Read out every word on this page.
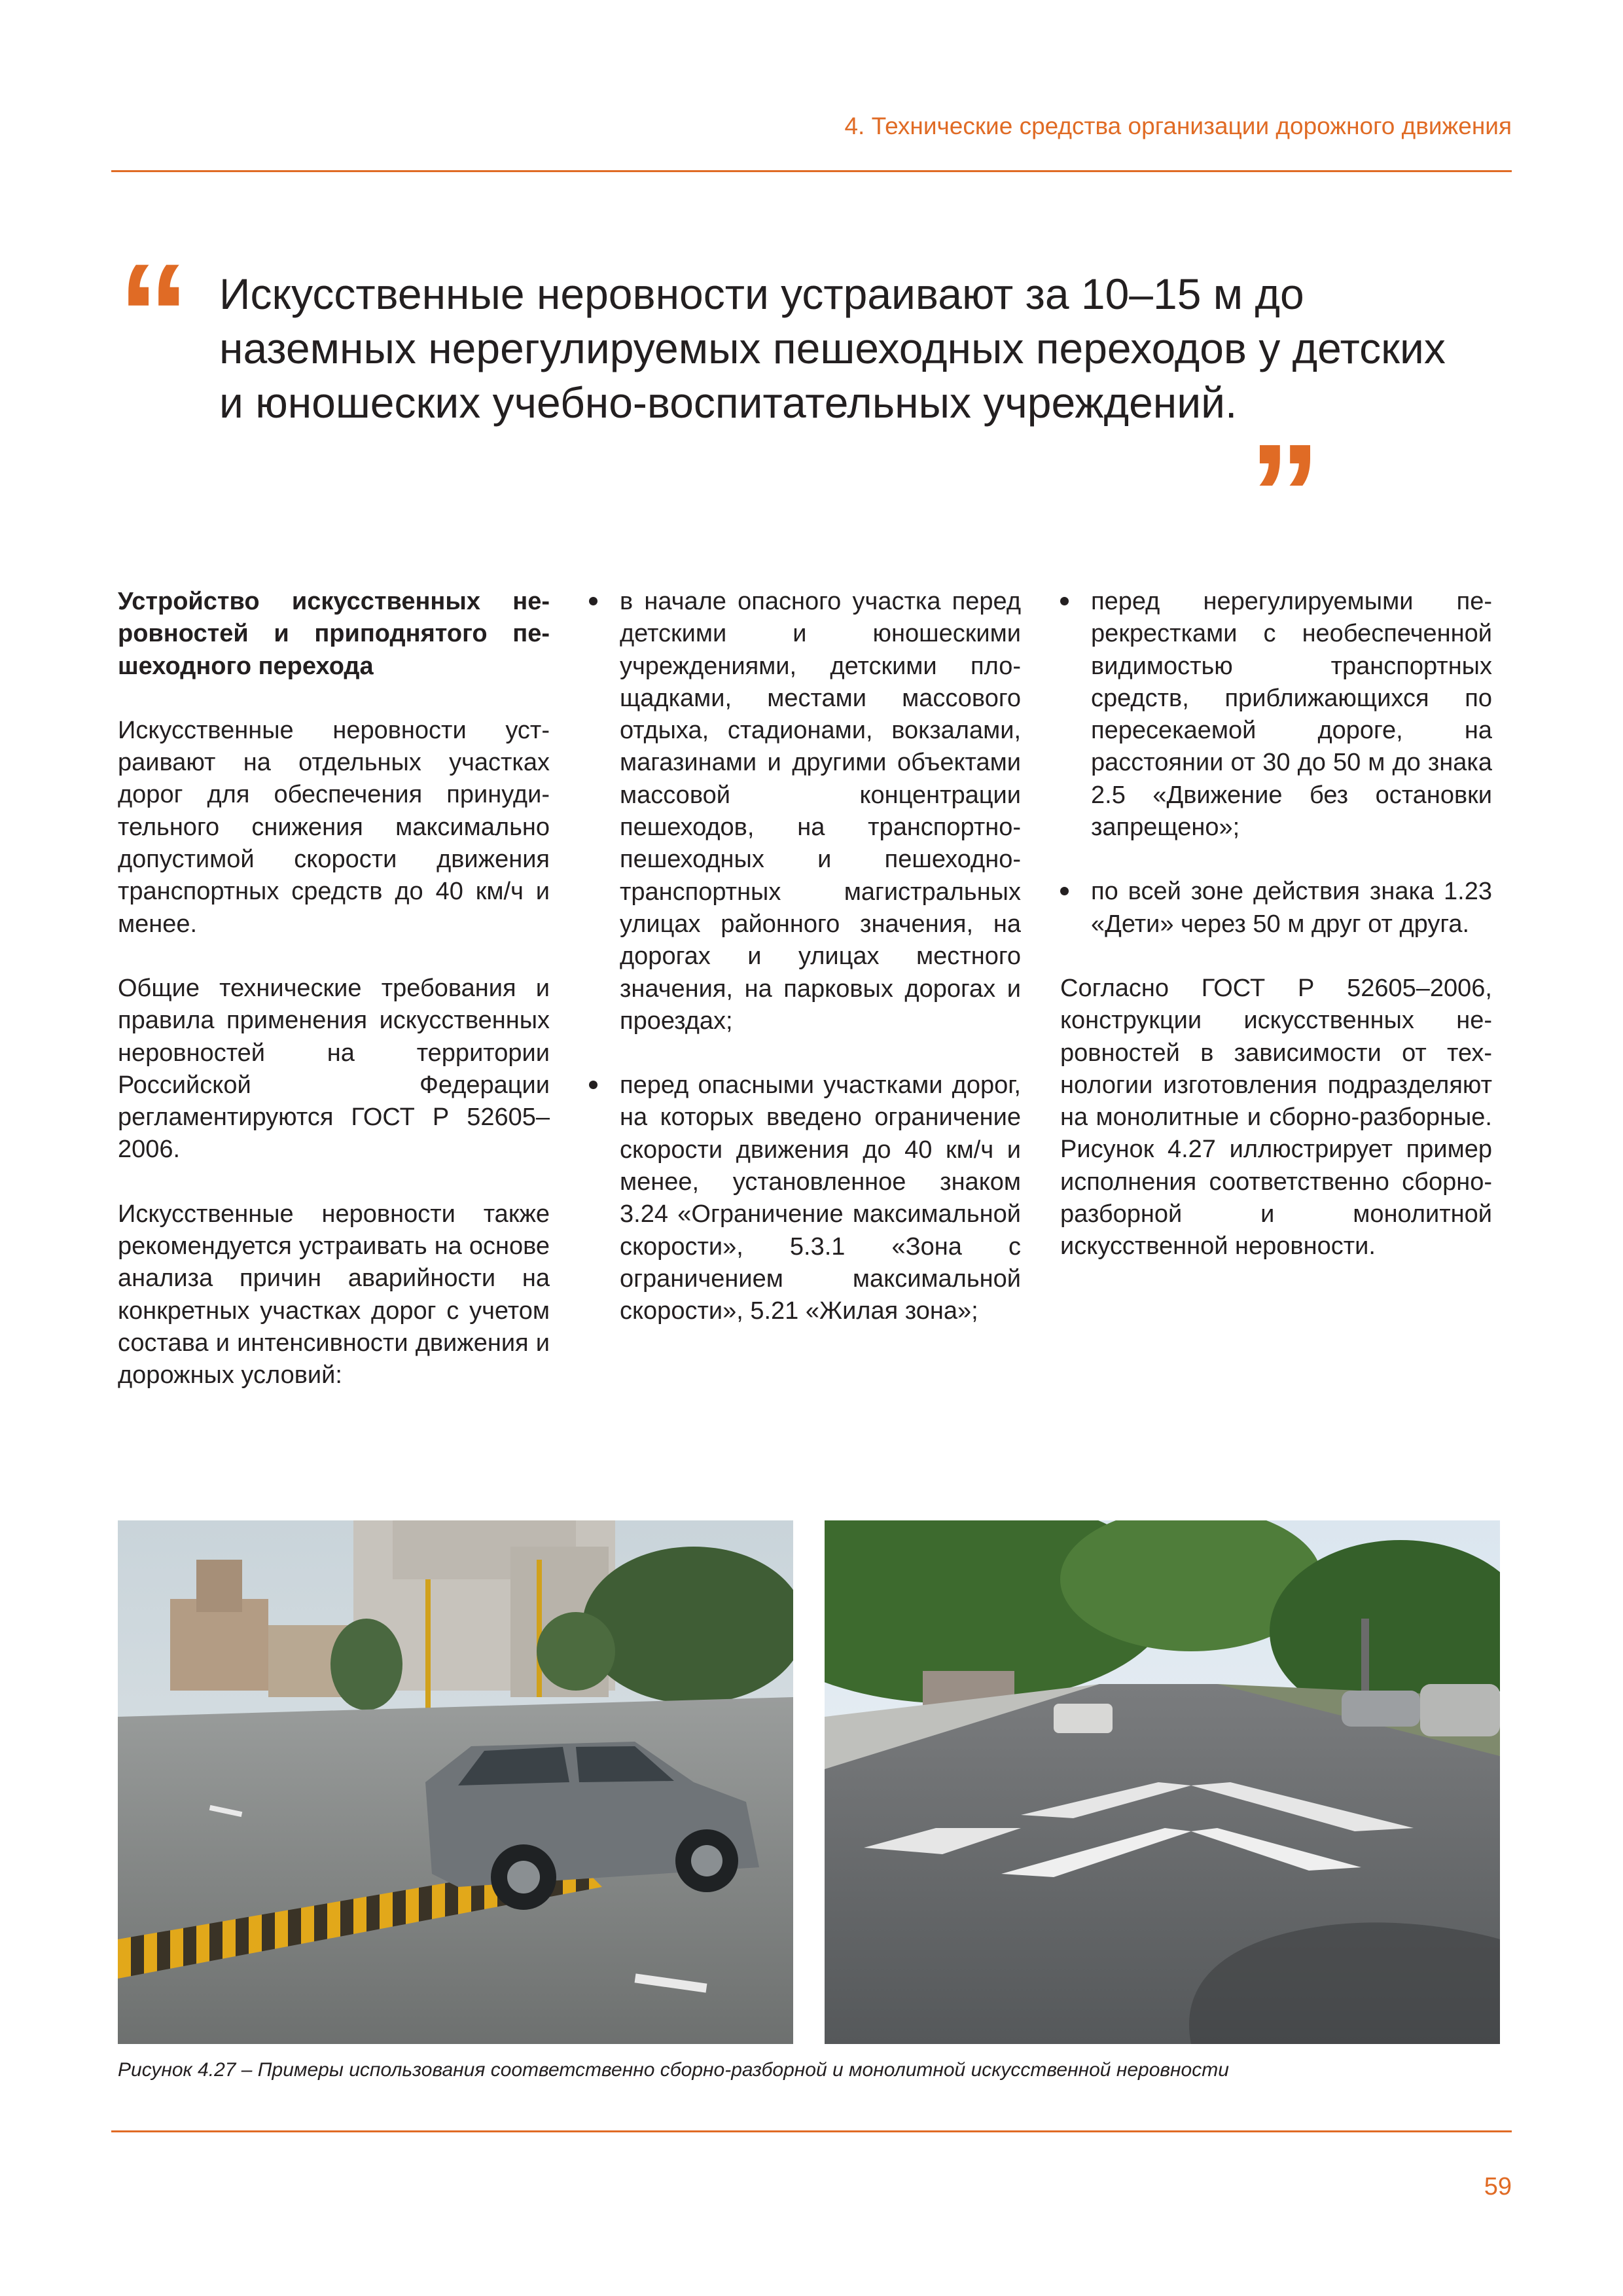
4. Технические средства организации дорожного движения
“ Искусственные неровности устраивают за 10–15 м до наземных нерегулируемых пешеходных переходов у детских и юношеских учебно-воспитательных учреждений.„
Устройство искусственных неровностей и приподнятого пешеходного перехода

Искусственные неровности устраивают на отдельных участках дорог для обеспечения принудительного снижения максимально допустимой скорости движения транспортных средств до 40 км/ч и менее.

Общие технические требования и правила применения искусственных неровностей на территории Российской Федерации регламентируются ГОСТ Р 52605–2006.

Искусственные неровности также рекомендуется устраивать на основе анализа причин аварийности на конкретных участках дорог с учетом состава и интенсивности движения и дорожных условий:

в начале опасного участка перед детскими и юношескими учреждениями, детскими площадками, местами массового отдыха, стадионами, вокзалами, магазинами и другими объектами массовой концентрации пешеходов, на транспортно-пешеходных и пешеходно-транспортных магистральных улицах районного значения, на дорогах и улицах местного значения, на парковых дорогах и проездах;
перед опасными участками дорог, на которых введено ограничение скорости движения до 40 км/ч и менее, установленное знаком 3.24 «Ограничение максимальной скорости», 5.3.1 «Зона с ограничением максимальной скорости», 5.21 «Жилая зона»;
перед нерегулируемыми перекрестками с необеспеченной видимостью транспортных средств, приближающихся по пересекаемой дороге, на расстоянии от 30 до 50 м до знака 2.5 «Движение без остановки запрещено»;
по всей зоне действия знака 1.23 «Дети» через 50 м друг от друга.

Согласно ГОСТ Р 52605–2006, конструкции искусственных неровностей в зависимости от технологии изготовления подразделяют на монолитные и сборно-разборные. Рисунок 4.27 иллюстрирует пример исполнения соответственно сборно-разборной и монолитной искусственной неровности.

Рисунок 4.27 – Примеры использования соответственно сборно-разборной и монолитной искусственной неровности
59
